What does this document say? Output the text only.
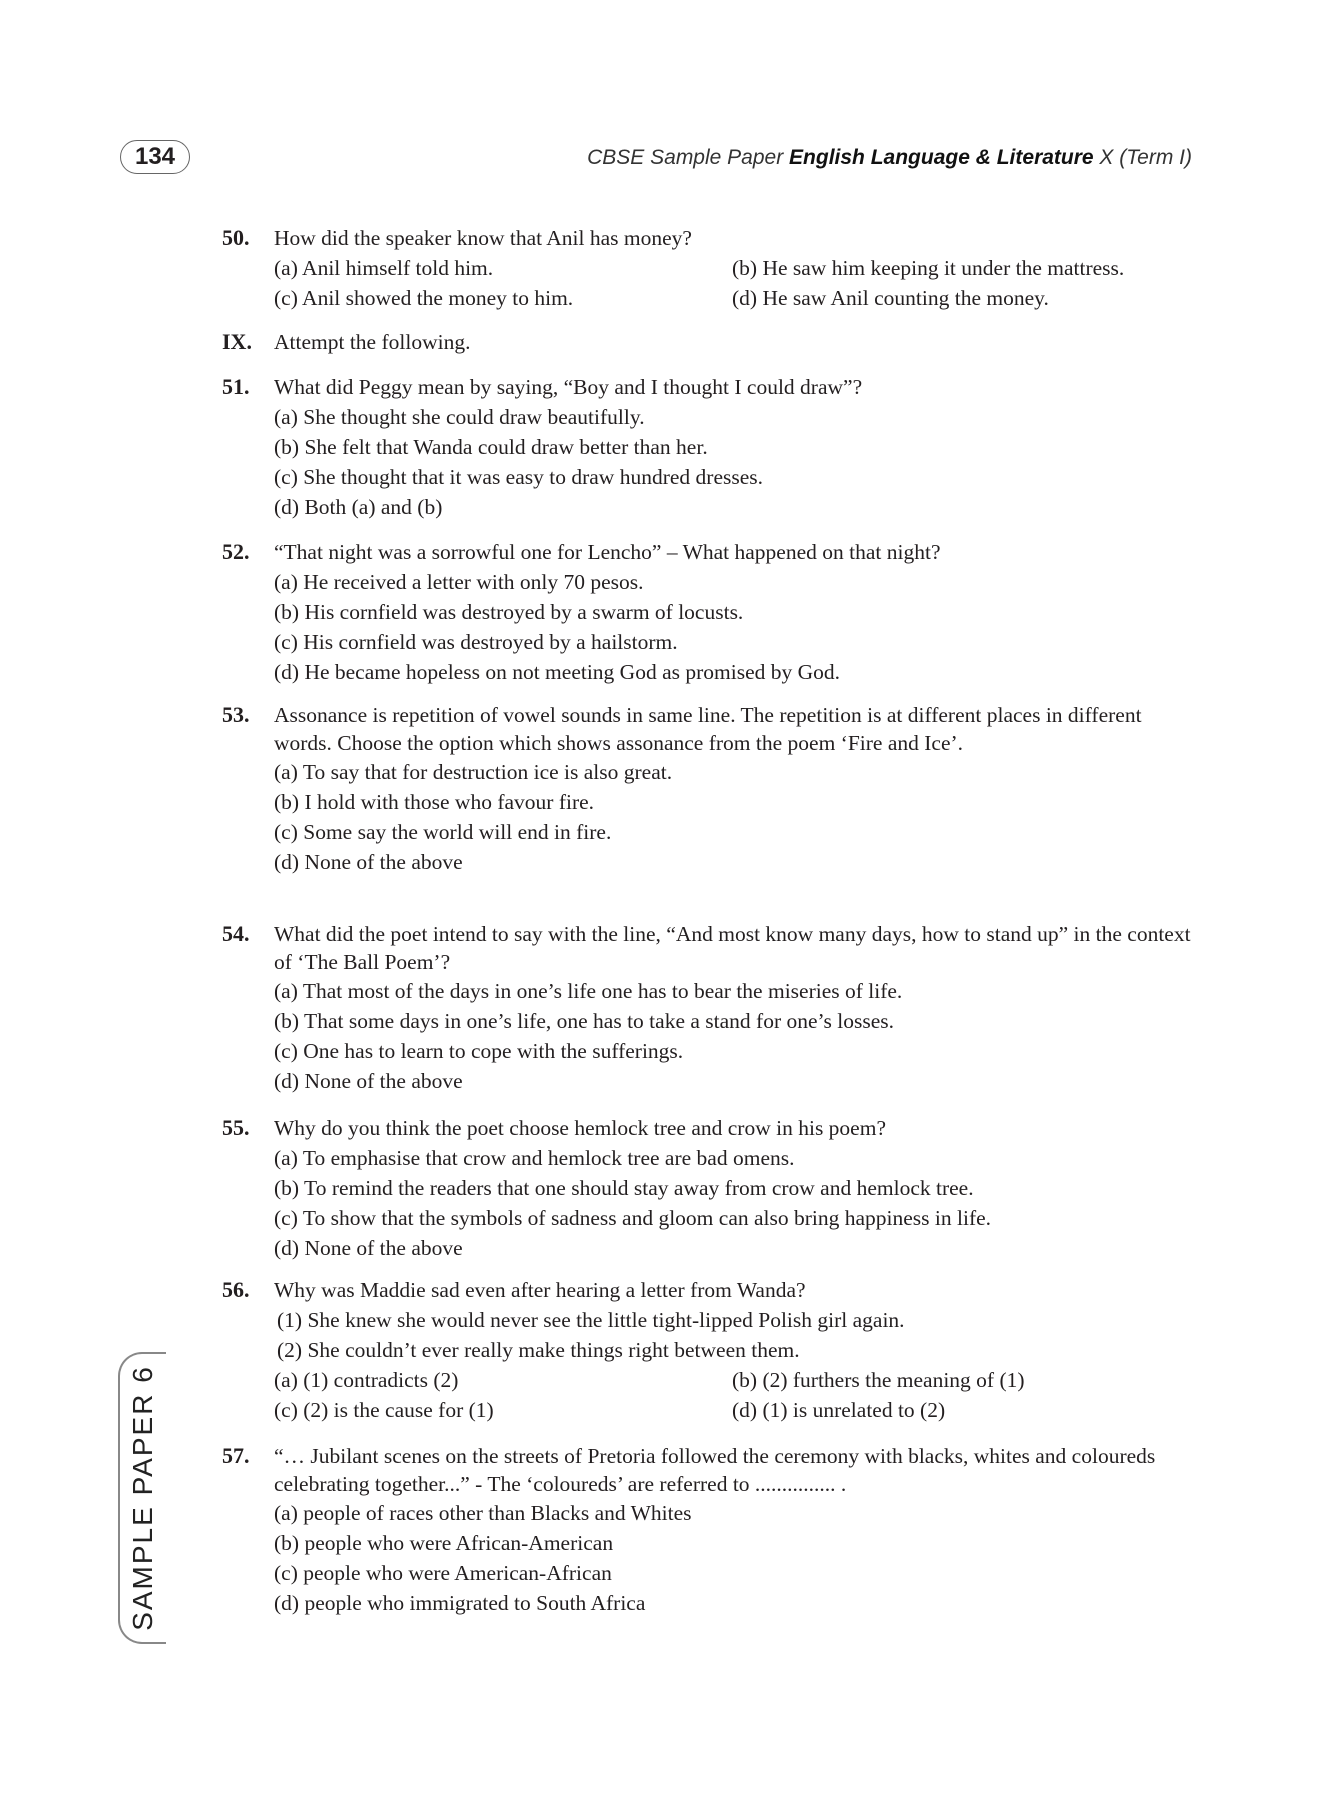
134	CBSE Sample Paper English Language & Literature X (Term I)
50. How did the speaker know that Anil has money?
(a) Anil himself told him.	(b) He saw him keeping it under the mattress.
(c) Anil showed the money to him.	(d) He saw Anil counting the money.
IX. Attempt the following.
51. What did Peggy mean by saying, “Boy and I thought I could draw”?
(a) She thought she could draw beautifully.
(b) She felt that Wanda could draw better than her.
(c) She thought that it was easy to draw hundred dresses.
(d) Both (a) and (b)
52. “That night was a sorrowful one for Lencho” – What happened on that night?
(a) He received a letter with only 70 pesos.
(b) His cornfield was destroyed by a swarm of locusts.
(c) His cornfield was destroyed by a hailstorm.
(d) He became hopeless on not meeting God as promised by God.
53. Assonance is repetition of vowel sounds in same line. The repetition is at different places in different words. Choose the option which shows assonance from the poem ‘Fire and Ice’.
(a) To say that for destruction ice is also great.
(b) I hold with those who favour fire.
(c) Some say the world will end in fire.
(d) None of the above
54. What did the poet intend to say with the line, “And most know many days, how to stand up” in the context of ‘The Ball Poem’?
(a) That most of the days in one’s life one has to bear the miseries of life.
(b) That some days in one’s life, one has to take a stand for one’s losses.
(c) One has to learn to cope with the sufferings.
(d) None of the above
55. Why do you think the poet choose hemlock tree and crow in his poem?
(a) To emphasise that crow and hemlock tree are bad omens.
(b) To remind the readers that one should stay away from crow and hemlock tree.
(c) To show that the symbols of sadness and gloom can also bring happiness in life.
(d) None of the above
56. Why was Maddie sad even after hearing a letter from Wanda?
(1) She knew she would never see the little tight-lipped Polish girl again.
(2) She couldn’t ever really make things right between them.
(a) (1) contradicts (2)	(b) (2) furthers the meaning of (1)
(c) (2) is the cause for (1)	(d) (1) is unrelated to (2)
57. “… Jubilant scenes on the streets of Pretoria followed the ceremony with blacks, whites and coloureds celebrating together...” - The ‘coloureds’ are referred to ............... .
(a) people of races other than Blacks and Whites
(b) people who were African-American
(c) people who were American-African
(d) people who immigrated to South Africa
SAMPLE PAPER 6
